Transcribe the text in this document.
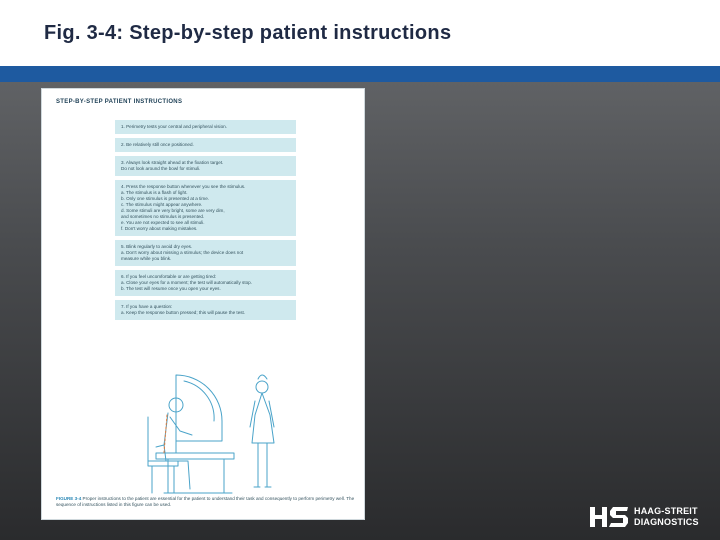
Fig. 3-4: Step-by-step patient instructions
STEP-BY-STEP PATIENT INSTRUCTIONS
1. Perimetry tests your central and peripheral vision.
2. Be relatively still once positioned.
3. Always look straight ahead at the fixation target.
Do not look around the bowl for stimuli.
4. Press the response button whenever you see the stimulus.
a. The stimulus is a flash of light.
b. Only one stimulus is presented at a time.
c. The stimulus might appear anywhere.
d. Some stimuli are very bright, some are very dim,
and sometimes no stimulus is presented.
e. You are not expected to see all stimuli.
f. Don't worry about making mistakes.
5. Blink regularly to avoid dry eyes.
a. Don't worry about missing a stimulus; the device does not
measure while you blink.
6. If you feel uncomfortable or are getting tired:
a. Close your eyes for a moment; the test will automatically stop.
b. The test will resume once you open your eyes.
7. If you have a question:
a. Keep the response button pressed; this will pause the test.
FIGURE 3-4 Proper instructions to the patient are essential for the patient to understand their task and consequently to perform perimetry well. The sequence of instructions listed in this figure can be used.
HAAG-STREIT
DIAGNOSTICS
